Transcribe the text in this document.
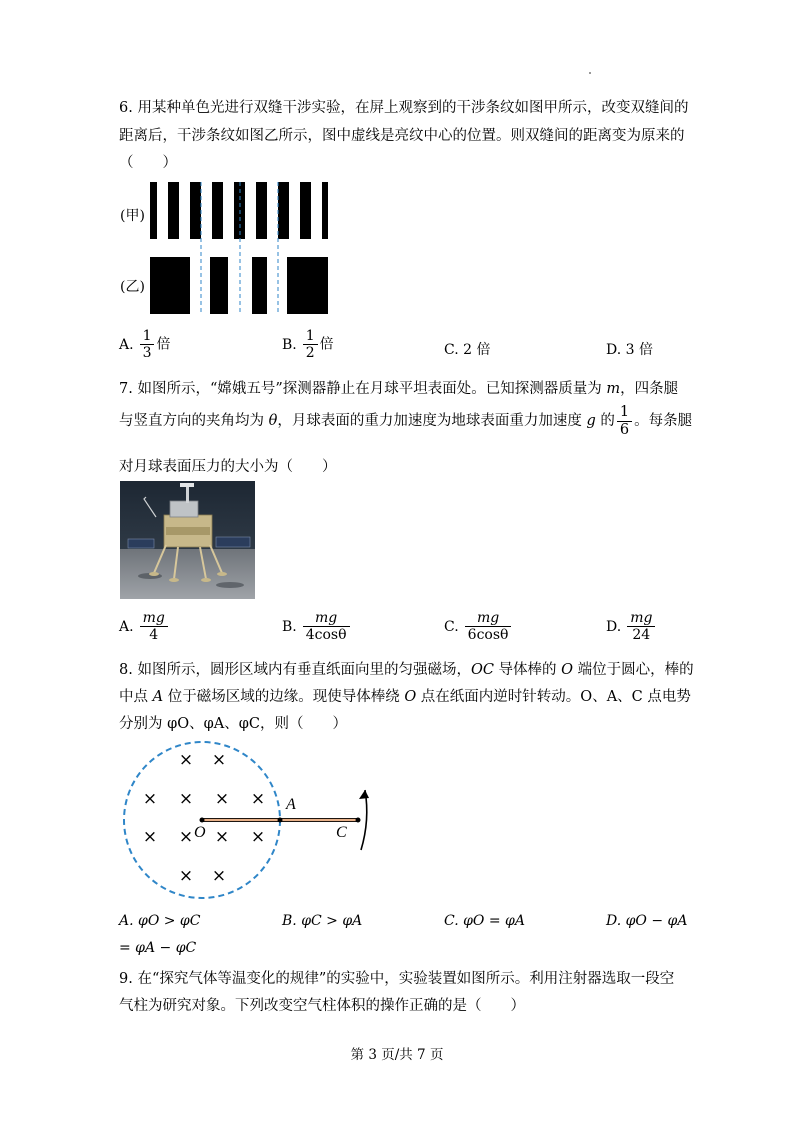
6. 用某种单色光进行双缝干涉实验，在屏上观察到的干涉条纹如图甲所示，改变双缝间的
距离后，干涉条纹如图乙所示，图中虚线是亮纹中心的位置。则双缝间的距离变为原来的
（　　）
(甲)
(乙)
A. $\frac{1}{3}$ 倍	B. $\frac{1}{2}$ 倍	C. 2 倍	D. 3 倍
7. 如图所示，“嫦娥五号”探测器静止在月球平坦表面处。已知探测器质量为 m，四条腿
与竖直方向的夹角均为 θ，月球表面的重力加速度为地球表面重力加速度 g 的 $\frac{1}{6}$ 。每条腿
对月球表面压力的大小为（　　）
A. $\frac{mg}{4}$	B. $\frac{mg}{4\cos\theta}$	C. $\frac{mg}{6\cos\theta}$	D. $\frac{mg}{24}$
8. 如图所示，圆形区域内有垂直纸面向里的匀强磁场，OC 导体棒的 O 端位于圆心，棒的
中点 A 位于磁场区域的边缘。现使导体棒绕 O 点在纸面内逆时针转动。O、A、C 点电势
分别为 φO、φA、φC，则（　　）
× ×
× × × ×
× × × ×
× ×
O
A
C
A. φO > φC	B. φC > φA	C. φO = φA	D. φO − φA
= φA − φC
9. 在“探究气体等温变化的规律”的实验中，实验装置如图所示。利用注射器选取一段空
气柱为研究对象。下列改变空气柱体积的操作正确的是（　　）
第 3 页/共 7 页
